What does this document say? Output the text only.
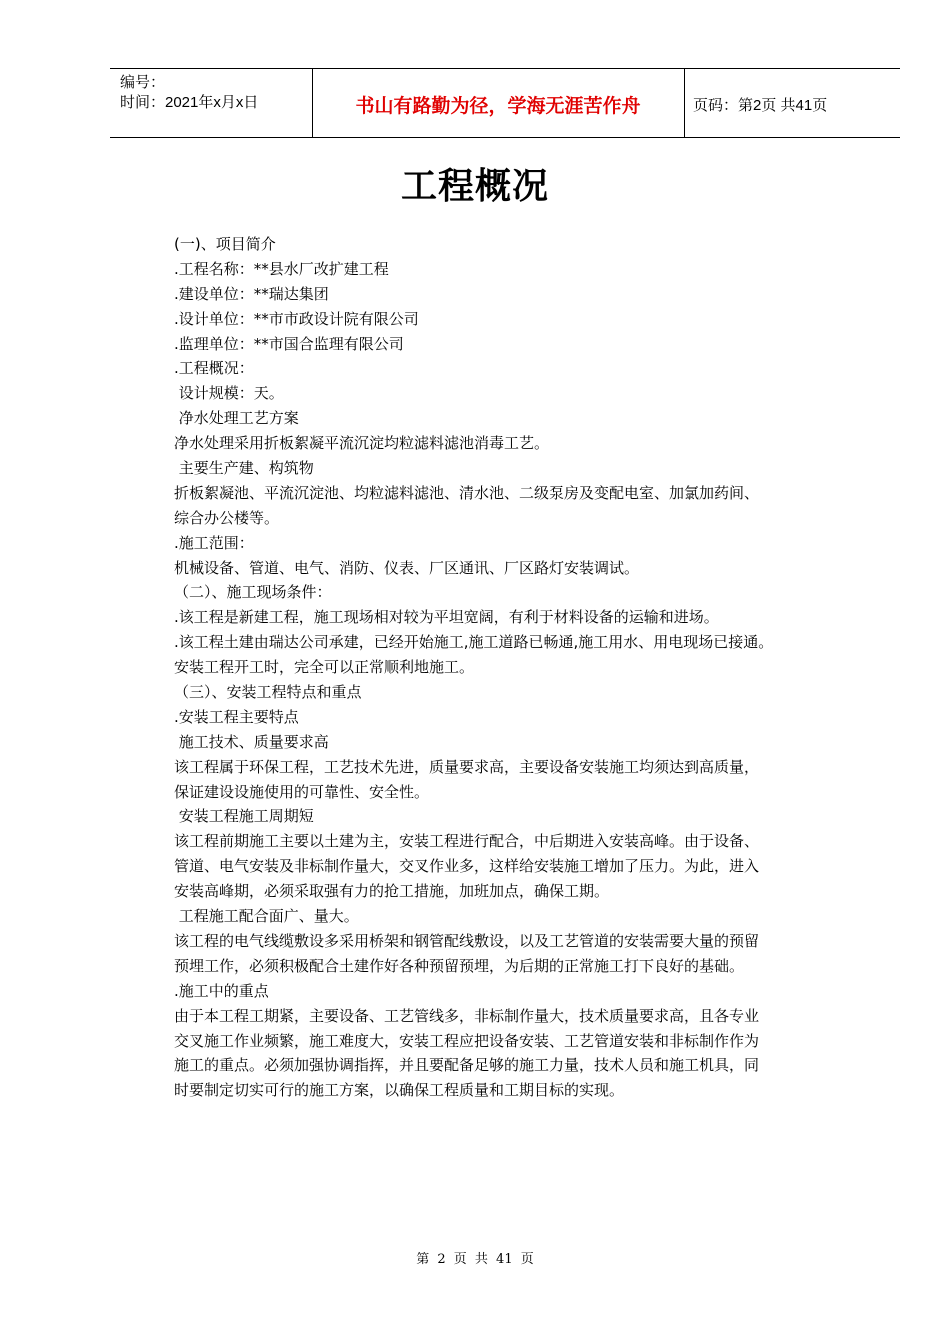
编号：
时间：2021年x月x日	书山有路勤为径，学海无涯苦作舟	页码：第2页 共41页
工程概况
(一)、项目简介
.工程名称：**县水厂改扩建工程
.建设单位：**瑞达集团
.设计单位：**市市政设计院有限公司
.监理单位：**市国合监理有限公司
.工程概况：
设计规模：天。
净水处理工艺方案
净水处理采用折板絮凝平流沉淀均粒滤料滤池消毒工艺。
主要生产建、构筑物
折板絮凝池、平流沉淀池、均粒滤料滤池、清水池、二级泵房及变配电室、加氯加药间、
综合办公楼等。
.施工范围：
机械设备、管道、电气、消防、仪表、厂区通讯、厂区路灯安装调试。
（二）、施工现场条件：
.该工程是新建工程，施工现场相对较为平坦宽阔，有利于材料设备的运输和进场。
.该工程土建由瑞达公司承建，已经开始施工,施工道路已畅通,施工用水、用电现场已接通。
安装工程开工时，完全可以正常顺利地施工。
（三）、安装工程特点和重点
.安装工程主要特点
施工技术、质量要求高
该工程属于环保工程，工艺技术先进，质量要求高，主要设备安装施工均须达到高质量，
保证建设设施使用的可靠性、安全性。
安装工程施工周期短
该工程前期施工主要以土建为主，安装工程进行配合，中后期进入安装高峰。由于设备、
管道、电气安装及非标制作量大，交叉作业多，这样给安装施工增加了压力。为此，进入
安装高峰期，必须采取强有力的抢工措施，加班加点，确保工期。
工程施工配合面广、量大。
该工程的电气线缆敷设多采用桥架和钢管配线敷设，以及工艺管道的安装需要大量的预留
预埋工作，必须积极配合土建作好各种预留预埋，为后期的正常施工打下良好的基础。
.施工中的重点
由于本工程工期紧，主要设备、工艺管线多，非标制作量大，技术质量要求高，且各专业
交叉施工作业频繁，施工难度大，安装工程应把设备安装、工艺管道安装和非标制作作为
施工的重点。必须加强协调指挥，并且要配备足够的施工力量，技术人员和施工机具，同
时要制定切实可行的施工方案，以确保工程质量和工期目标的实现。
第 2 页 共 41 页
